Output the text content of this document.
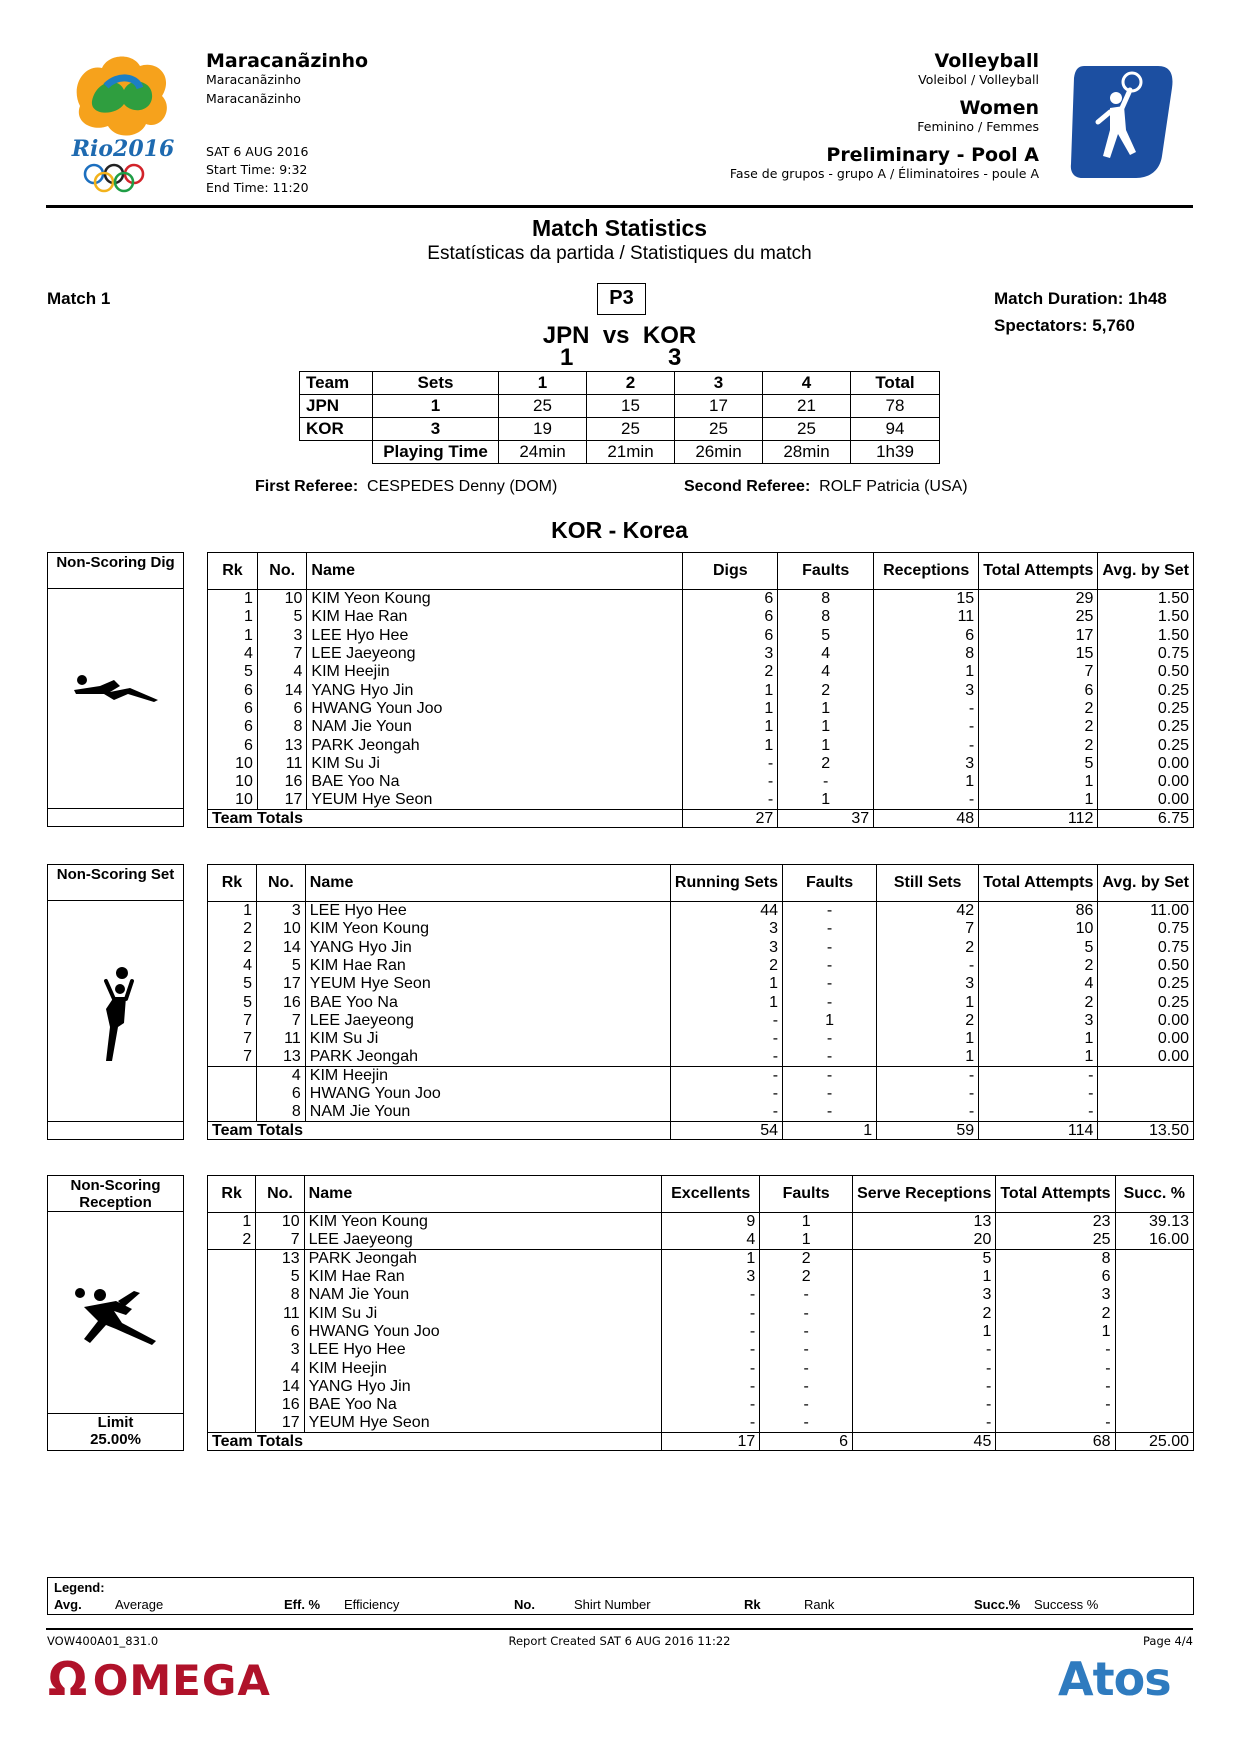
Rio2016
Maracanãzinho
Maracanãzinho
Maracanãzinho
SAT 6 AUG 2016
Start Time: 9:32
End Time: 11:20
Volleyball
Voleibol / Volleyball
Women
Feminino / Femmes
Preliminary - Pool A
Fase de grupos - grupo A / Éliminatoires - poule A
Match Statistics
Estatísticas da partida / Statistiques du match
Match 1	P3	Match Duration: 1h48
Spectators: 5,760
JPN vs KOR
1	3
Team	Sets	1	2	3	4	Total
JPN	1	25	15	17	21	78
KOR	3	19	25	25	25	94
	Playing Time	24min	21min	26min	28min	1h39
First Referee: CESPEDES Denny (DOM)	Second Referee: ROLF Patricia (USA)
KOR - Korea
Non-Scoring Dig	Rk	No.	Name	Digs	Faults	Receptions	Total Attempts	Avg. by Set
1	10	KIM Yeon Koung	6	8	15	29	1.50
1	5	KIM Hae Ran	6	8	11	25	1.50
1	3	LEE Hyo Hee	6	5	6	17	1.50
4	7	LEE Jaeyeong	3	4	8	15	0.75
5	4	KIM Heejin	2	4	1	7	0.50
6	14	YANG Hyo Jin	1	2	3	6	0.25
6	6	HWANG Youn Joo	1	1	-	2	0.25
6	8	NAM Jie Youn	1	1	-	2	0.25
6	13	PARK Jeongah	1	1	-	2	0.25
10	11	KIM Su Ji	-	2	3	5	0.00
10	16	BAE Yoo Na	-	-	1	1	0.00
10	17	YEUM Hye Seon	-	1	-	1	0.00
Team Totals			27	37	48	112	6.75
Non-Scoring Set	Rk	No.	Name	Running Sets	Faults	Still Sets	Total Attempts	Avg. by Set
1	3	LEE Hyo Hee	44	-	42	86	11.00
2	10	KIM Yeon Koung	3	-	7	10	0.75
2	14	YANG Hyo Jin	3	-	2	5	0.75
4	5	KIM Hae Ran	2	-	-	2	0.50
5	17	YEUM Hye Seon	1	-	3	4	0.25
5	16	BAE Yoo Na	1	-	1	2	0.25
7	7	LEE Jaeyeong	-	1	2	3	0.00
7	11	KIM Su Ji	-	-	1	1	0.00
7	13	PARK Jeongah	-	-	1	1	0.00
	4	KIM Heejin	-	-	-	-	
	6	HWANG Youn Joo	-	-	-	-	
	8	NAM Jie Youn	-	-	-	-	
Team Totals			54	1	59	114	13.50
Non-Scoring Reception
Limit
25.00%
Rk	No.	Name	Excellents	Faults	Serve Receptions	Total Attempts	Succ. %
1	10	KIM Yeon Koung	9	1	13	23	39.13
2	7	LEE Jaeyeong	4	1	20	25	16.00
	13	PARK Jeongah	1	2	5	8	
	5	KIM Hae Ran	3	2	1	6	
	8	NAM Jie Youn	-	-	3	3	
	11	KIM Su Ji	-	-	2	2	
	6	HWANG Youn Joo	-	-	1	1	
	3	LEE Hyo Hee	-	-	-	-	
	4	KIM Heejin	-	-	-	-	
	14	YANG Hyo Jin	-	-	-	-	
	16	BAE Yoo Na	-	-	-	-	
	17	YEUM Hye Seon	-	-	-	-	
Team Totals			17	6	45	68	25.00
Legend:
Avg.	Average	Eff. % Efficiency	No.	Shirt Number	Rk	Rank	Succ.% Success %
VOW400A01_831.0	Report Created SAT 6 AUG 2016 11:22	Page 4/4
Ω OMEGA	Atos
